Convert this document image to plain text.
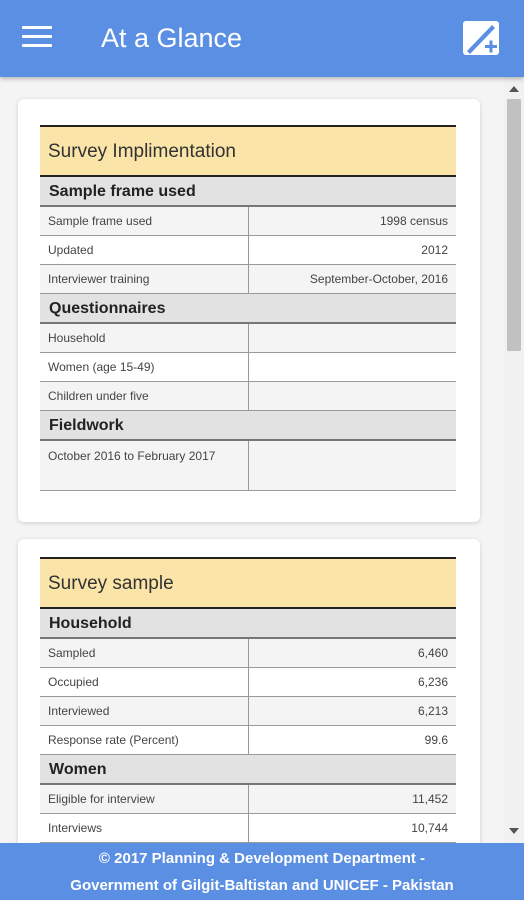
At a Glance
Survey Implimentation
Sample frame used
Sample frame used	1998 census
Updated	2012
Interviewer training	September-October, 2016
Questionnaires
Household
Women (age 15-49)
Children under five
Fieldwork
October 2016 to February 2017
Survey sample
Household
Sampled	6,460
Occupied	6,236
Interviewed	6,213
Response rate (Percent)	99.6
Women
Eligible for interview	11,452
Interviews	10,744
© 2017 Planning & Development Department -
Government of Gilgit-Baltistan and UNICEF - Pakistan
